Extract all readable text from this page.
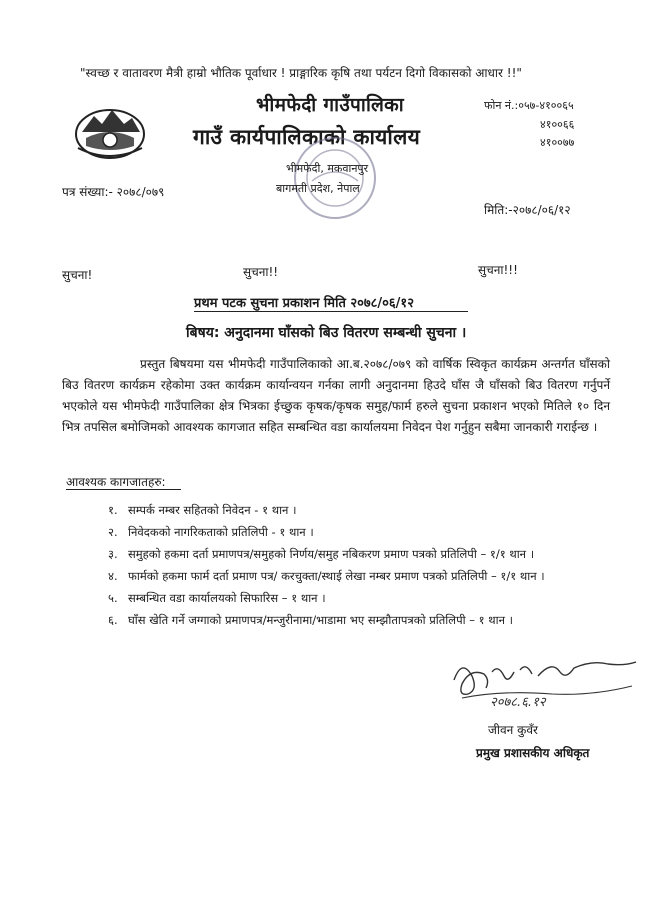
"स्वच्छ र वातावरण मैत्री हाम्रो भौतिक पूर्वाधार ! प्राङ्गारिक कृषि तथा पर्यटन दिगो विकासको आधार !!"
भीमफेदी गाउँपालिका
गाउँ कार्यपालिकाको कार्यालय
भीमफेदी, मकवानपुर
बागमती प्रदेश, नेपाल
फोन नं.:०५७-४१००६५
४१००६६
४१००७७
पत्र संख्या:- २०७८/०७९
मिति:-२०७८/०६/१२
सुचना!	सुचना!!	सुचना!!!
प्रथम पटक सुचना प्रकाशन मिति २०७८/०६/१२
बिषय: अनुदानमा घाँसको बिउ वितरण सम्बन्धी सुचना ।
प्रस्तुत बिषयमा यस भीमफेदी गाउँपालिकाको आ.ब.२०७८/०७९ को वार्षिक स्विकृत कार्यक्रम अन्तर्गत घाँसको बिउ वितरण कार्यक्रम रहेकोमा उक्त कार्यक्रम कार्यान्वयन गर्नका लागी अनुदानमा हिउदे घाँस जै घाँसको बिउ वितरण गर्नुपर्ने भएकोले यस भीमफेदी गाउँपालिका क्षेत्र भित्रका ईच्छुक कृषक/कृषक समुह/फार्म हरुले सुचना प्रकाशन भएको मितिले १० दिन भित्र तपसिल बमोजिमको आवश्यक कागजात सहित सम्बन्धित वडा कार्यालयमा निवेदन पेश गर्नुहुन सबैमा जानकारी गराईन्छ ।
आवश्यक कागजातहरु:
१. सम्पर्क नम्बर सहितको निवेदन - १ थान ।
२. निवेदकको नागरिकताको प्रतिलिपी - १ थान ।
३. समुहको हकमा दर्ता प्रमाणपत्र/समुहको निर्णय/समुह नबिकरण प्रमाण पत्रको प्रतिलिपी – १/१ थान ।
४. फार्मको हकमा फार्म दर्ता प्रमाण पत्र/ करचुक्ता/स्थाई लेखा नम्बर प्रमाण पत्रको प्रतिलिपी – १/१ थान ।
५. सम्बन्धित वडा कार्यालयको सिफारिस – १ थान ।
६. घाँस खेति गर्ने जग्गाको प्रमाणपत्र/मन्जुरीनामा/भाडामा भए सम्झौतापत्रको प्रतिलिपी – १ थान ।
२०७८.६.१२
जीवन कुवँर
प्रमुख प्रशासकीय अधिकृत
